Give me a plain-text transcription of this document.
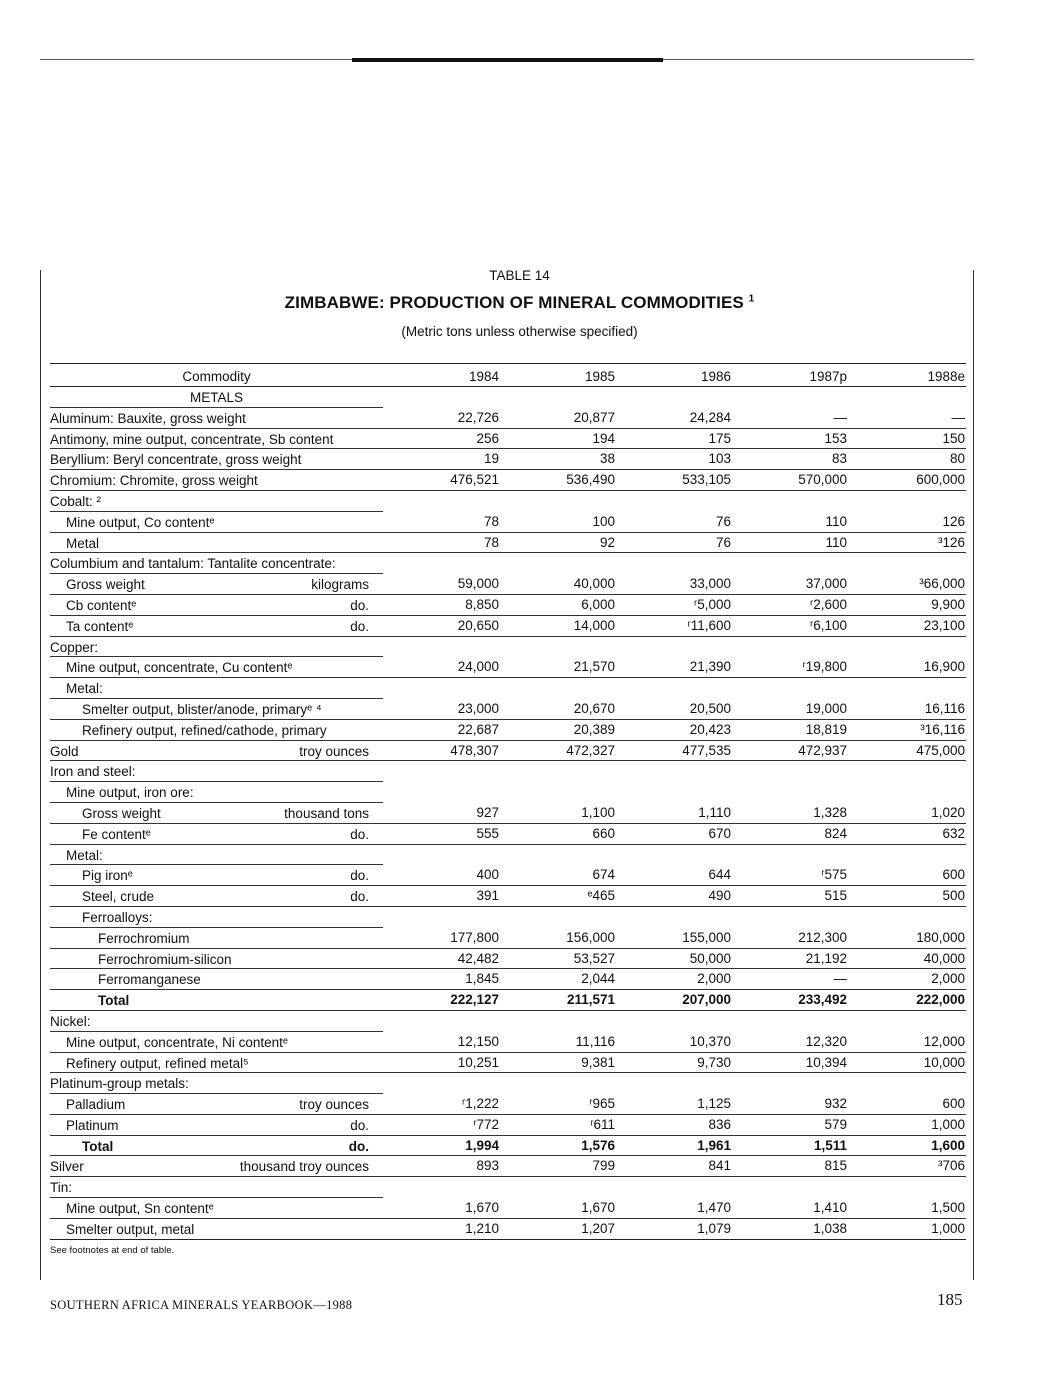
TABLE 14
ZIMBABWE: PRODUCTION OF MINERAL COMMODITIES $^1$
(Metric tons unless otherwise specified)
Commodity	1984	1985	1986	1987p	1988e
METALS
Aluminum: Bauxite, gross weight	22,726	20,877	24,284	—	—
Antimony, mine output, concentrate, Sb content	256	194	175	153	150
Beryllium: Beryl concentrate, gross weight	19	38	103	83	80
Chromium: Chromite, gross weight	476,521	536,490	533,105	570,000	600,000
Cobalt: ²
Mine output, Co contentᵉ	78	100	76	110	126
Metal	78	92	76	110	³126
Columbium and tantalum: Tantalite concentrate:
Gross weight	kilograms	59,000	40,000	33,000	37,000	³66,000
Cb contentᵉ	do.	8,850	6,000	ʳ5,000	ʳ2,600	9,900
Ta contentᵉ	do.	20,650	14,000	ʳ11,600	ʳ6,100	23,100
Copper:
Mine output, concentrate, Cu contentᵉ	24,000	21,570	21,390	ʳ19,800	16,900
Metal:
Smelter output, blister/anode, primaryᵉ ⁴	23,000	20,670	20,500	19,000	16,116
Refinery output, refined/cathode, primary	22,687	20,389	20,423	18,819	³16,116
Gold	troy ounces	478,307	472,327	477,535	472,937	475,000
Iron and steel:
Mine output, iron ore:
Gross weight	thousand tons	927	1,100	1,110	1,328	1,020
Fe contentᵉ	do.	555	660	670	824	632
Metal:
Pig ironᵉ	do.	400	674	644	ʳ575	600
Steel, crude	do.	391	ᵉ465	490	515	500
Ferroalloys:
Ferrochromium	177,800	156,000	155,000	212,300	180,000
Ferrochromium-silicon	42,482	53,527	50,000	21,192	40,000
Ferromanganese	1,845	2,044	2,000	—	2,000
Total	222,127	211,571	207,000	233,492	222,000
Nickel:
Mine output, concentrate, Ni contentᵉ	12,150	11,116	10,370	12,320	12,000
Refinery output, refined metal⁵	10,251	9,381	9,730	10,394	10,000
Platinum-group metals:
Palladium	troy ounces	ʳ1,222	ʳ965	1,125	932	600
Platinum	do.	ʳ772	ʳ611	836	579	1,000
Total	do.	1,994	1,576	1,961	1,511	1,600
Silver	thousand troy ounces	893	799	841	815	³706
Tin:
Mine output, Sn contentᵉ	1,670	1,670	1,470	1,410	1,500
Smelter output, metal	1,210	1,207	1,079	1,038	1,000
See footnotes at end of table.
SOUTHERN AFRICA MINERALS YEARBOOK—1988	185
